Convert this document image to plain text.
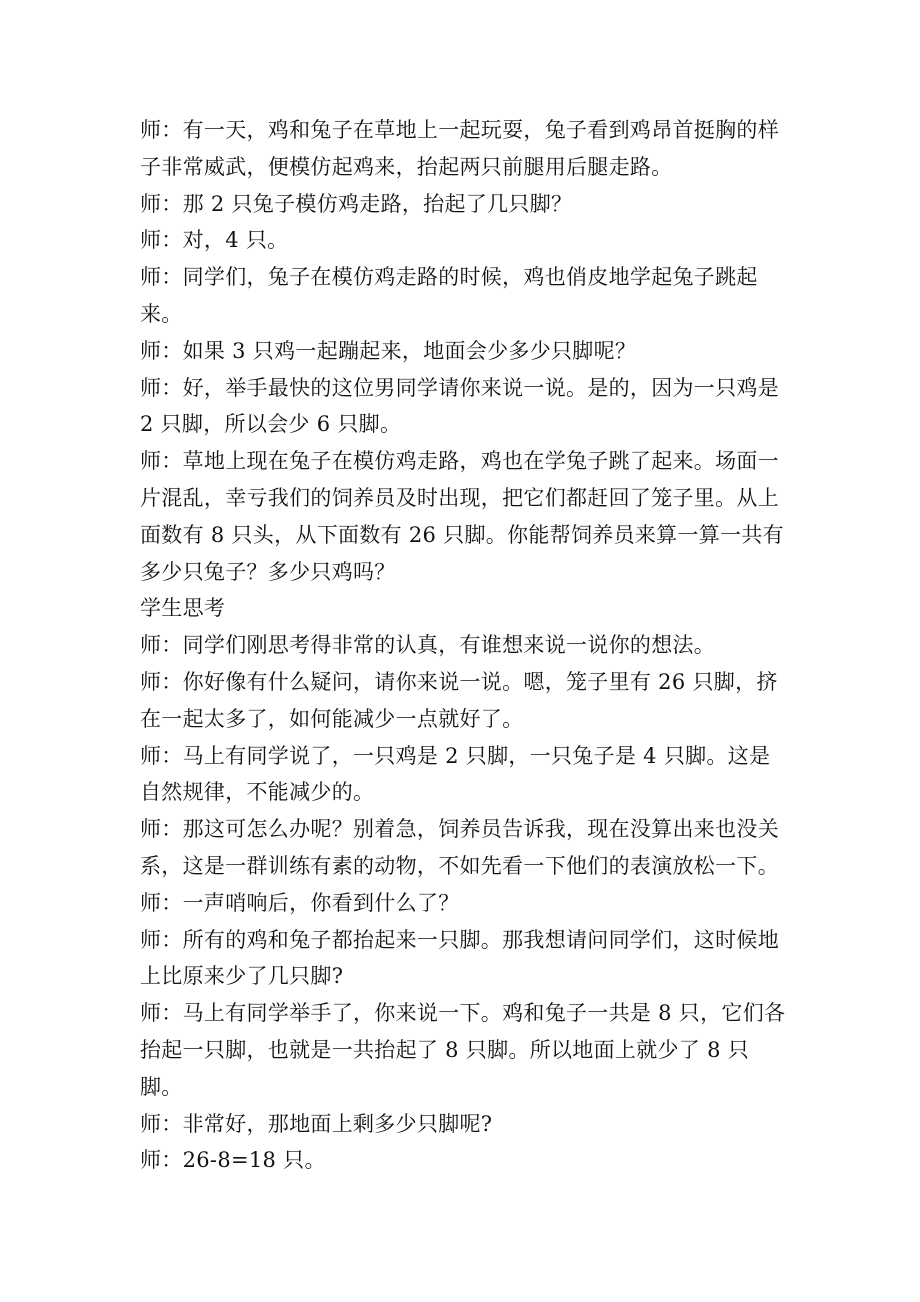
师：有一天，鸡和兔子在草地上一起玩耍，兔子看到鸡昂首挺胸的样子非常威武，便模仿起鸡来，抬起两只前腿用后腿走路。

师：那 2 只兔子模仿鸡走路，抬起了几只脚？

师：对，4 只。

师：同学们，兔子在模仿鸡走路的时候，鸡也俏皮地学起兔子跳起来。

师：如果 3 只鸡一起蹦起来，地面会少多少只脚呢？

师：好，举手最快的这位男同学请你来说一说。是的，因为一只鸡是 2 只脚，所以会少 6 只脚。

师：草地上现在兔子在模仿鸡走路，鸡也在学兔子跳了起来。场面一片混乱，幸亏我们的饲养员及时出现，把它们都赶回了笼子里。从上面数有 8 只头，从下面数有 26 只脚。你能帮饲养员来算一算一共有多少只兔子？多少只鸡吗？

学生思考

师：同学们刚思考得非常的认真，有谁想来说一说你的想法。

师：你好像有什么疑问，请你来说一说。嗯，笼子里有 26 只脚，挤在一起太多了，如何能减少一点就好了。

师：马上有同学说了，一只鸡是 2 只脚，一只兔子是 4 只脚。这是自然规律，不能减少的。

师：那这可怎么办呢？别着急，饲养员告诉我，现在没算出来也没关系，这是一群训练有素的动物，不如先看一下他们的表演放松一下。

师：一声哨响后，你看到什么了？

师：所有的鸡和兔子都抬起来一只脚。那我想请问同学们，这时候地上比原来少了几只脚?

师：马上有同学举手了，你来说一下。鸡和兔子一共是 8 只，它们各抬起一只脚，也就是一共抬起了 8 只脚。所以地面上就少了 8 只脚。

师：非常好，那地面上剩多少只脚呢?

师：26-8=18 只。
